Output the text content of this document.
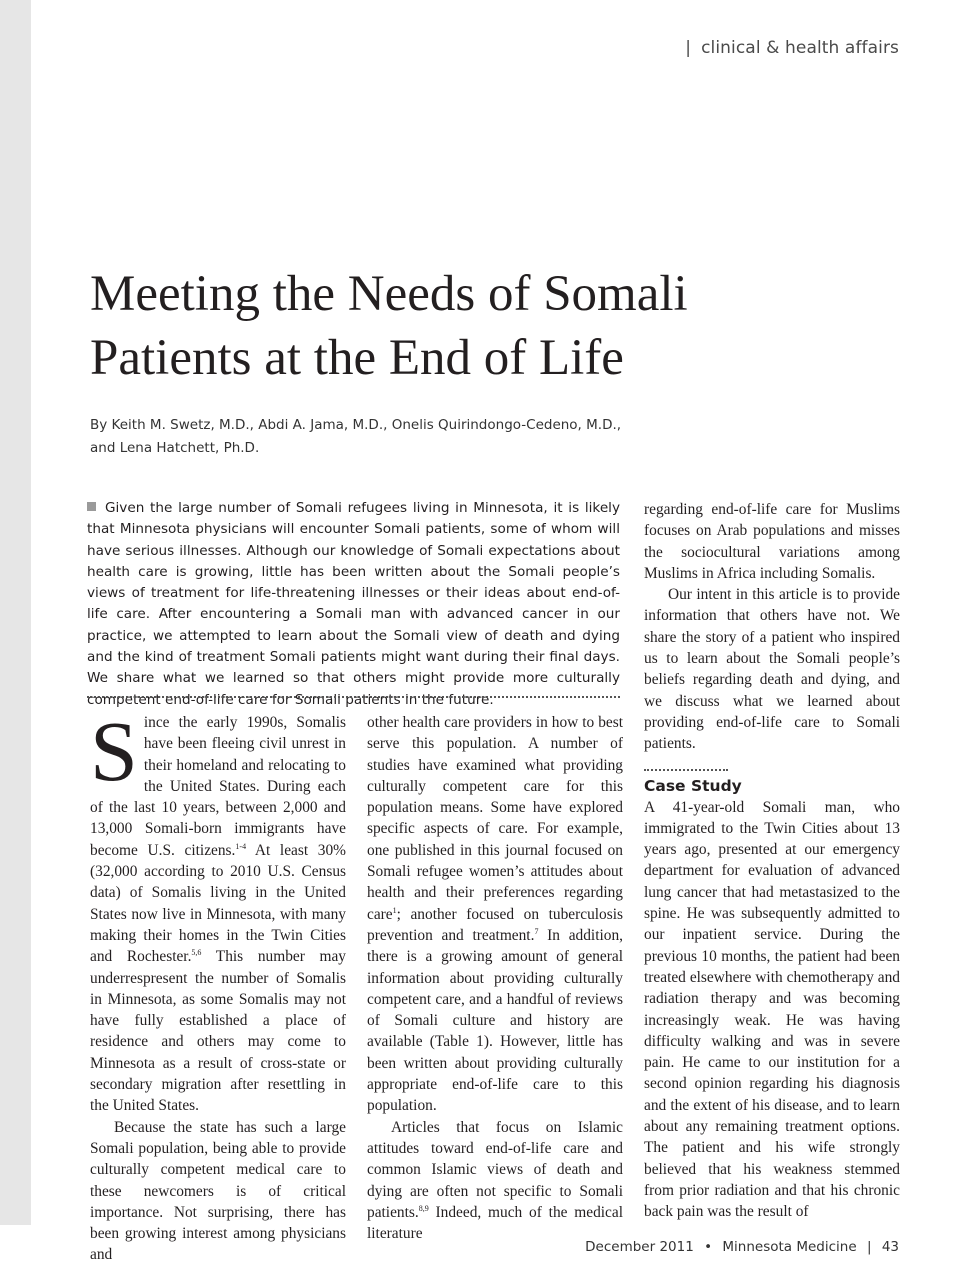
| clinical & health affairs
Meeting the Needs of Somali
Patients at the End of Life
By Keith M. Swetz, M.D., Abdi A. Jama, M.D., Onelis Quirindongo-Cedeno, M.D.,
and Lena Hatchett, Ph.D.
Given the large number of Somali refugees living in Minnesota, it is likely that Minnesota physicians will encounter Somali patients, some of whom will have serious illnesses. Although our knowledge of Somali expectations about health care is growing, little has been written about the Somali people’s views of treatment for life-threatening illnesses or their ideas about end-of-life care. After encountering a Somali man with advanced cancer in our practice, we attempted to learn about the Somali view of death and dying and the kind of treatment Somali patients might want during their final days. We share what we learned so that others might provide more culturally competent end-of-life care for Somali patients in the future.

Since the early 1990s, Somalis have been fleeing civil unrest in their homeland and relocating to the United States. During each of the last 10 years, between 2,000 and 13,000 Somali-born immigrants have become U.S. citizens.$^{1-4}$ At least 30% (32,000 according to 2010 U.S. Census data) of Somalis living in the United States now live in Minnesota, with many making their homes in the Twin Cities and Rochester.$^{5,6}$ This number may underrespresent the number of Somalis in Minnesota, as some Somalis may not have fully established a place of residence and others may come to Minnesota as a result of cross-state or secondary migration after resettling in the United States.

Because the state has such a large Somali population, being able to provide culturally competent medical care to these newcomers is of critical importance. Not surprising, there has been growing interest among physicians and

other health care providers in how to best serve this population. A number of studies have examined what providing culturally competent care for this population means. Some have explored specific aspects of care. For example, one published in this journal focused on Somali refugee women’s attitudes about health and their preferences regarding care$^1$; another focused on tuberculosis prevention and treatment.$^7$ In addition, there is a growing amount of general information about providing culturally competent care, and a handful of reviews of Somali culture and history are available (Table 1). However, little has been written about providing culturally appropriate end-of-life care to this population.

Articles that focus on Islamic attitudes toward end-of-life care and common Islamic views of death and dying are often not specific to Somali patients.$^{8,9}$ Indeed, much of the medical literature

regarding end-of-life care for Muslims focuses on Arab populations and misses the sociocultural variations among Muslims in Africa including Somalis.

Our intent in this article is to provide information that others have not. We share the story of a patient who inspired us to learn about the Somali people’s beliefs regarding death and dying, and we discuss what we learned about providing end-of-life care to Somali patients.

Case Study

A 41-year-old Somali man, who immigrated to the Twin Cities about 13 years ago, presented at our emergency department for evaluation of advanced lung cancer that had metastasized to the spine. He was subsequently admitted to our inpatient service. During the previous 10 months, the patient had been treated elsewhere with chemotherapy and radiation therapy and was becoming increasingly weak. He was having difficulty walking and was in severe pain. He came to our institution for a second opinion regarding his diagnosis and the extent of his disease, and to learn about any remaining treatment options. The patient and his wife strongly believed that his weakness stemmed from prior radiation and that his chronic back pain was the result of

December 2011 • Minnesota Medicine | 43
